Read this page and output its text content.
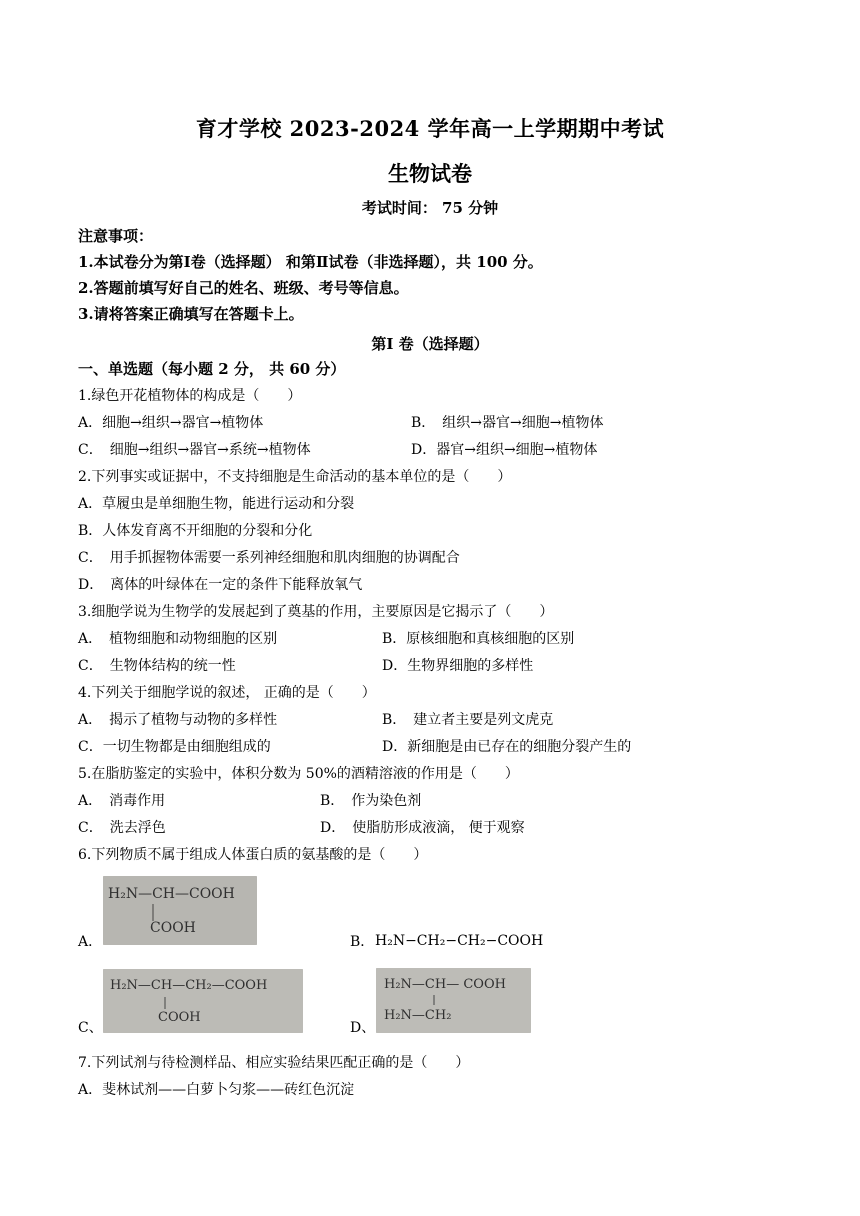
育才学校 2023-2024 学年高一上学期期中考试
生物试卷
考试时间： 75 分钟
注意事项：
1.本试卷分为第Ⅰ卷（选择题） 和第Ⅱ试卷（非选择题），共 100 分。
2.答题前填写好自己的姓名、班级、考号等信息。
3.请将答案正确填写在答题卡上。
第Ⅰ 卷（选择题）
一、单选题（每小题 2 分， 共 60 分）
1.绿色开花植物体的构成是（　　）
A．细胞→组织→器官→植物体	B．　组织→器官→细胞→植物体
C．　细胞→组织→器官→系统→植物体	D．器官→组织→细胞→植物体
2.下列事实或证据中，不支持细胞是生命活动的基本单位的是（　　）
A．草履虫是单细胞生物，能进行运动和分裂
B．人体发育离不开细胞的分裂和分化
C．　用手抓握物体需要一系列神经细胞和肌肉细胞的协调配合
D．　离体的叶绿体在一定的条件下能释放氧气
3.细胞学说为生物学的发展起到了奠基的作用，主要原因是它揭示了（　　）
A．　植物细胞和动物细胞的区别	B．原核细胞和真核细胞的区别
C．　生物体结构的统一性	D．生物界细胞的多样性
4.下列关于细胞学说的叙述， 正确的是（　　）
A．　揭示了植物与动物的多样性	B．　建立者主要是列文虎克
C．一切生物都是由细胞组成的	D．新细胞是由已存在的细胞分裂产生的
5.在脂肪鉴定的实验中，体积分数为 50%的酒精溶液的作用是（　　）
A．　消毒作用	B．　作为染色剂
C．　洗去浮色	D．　使脂肪形成液滴， 便于观察
6.下列物质不属于组成人体蛋白质的氨基酸的是（　　）
A．
H₂N—CH—COOH
COOH
B． H₂N−CH₂−CH₂−COOH
C、
H₂N—CH—CH₂—COOH
COOH
D、
H₂N—CH— COOH
H₂N—CH₂
7.下列试剂与待检测样品、相应实验结果匹配正确的是（　　）
A．斐林试剂——白萝卜匀浆——砖红色沉淀
